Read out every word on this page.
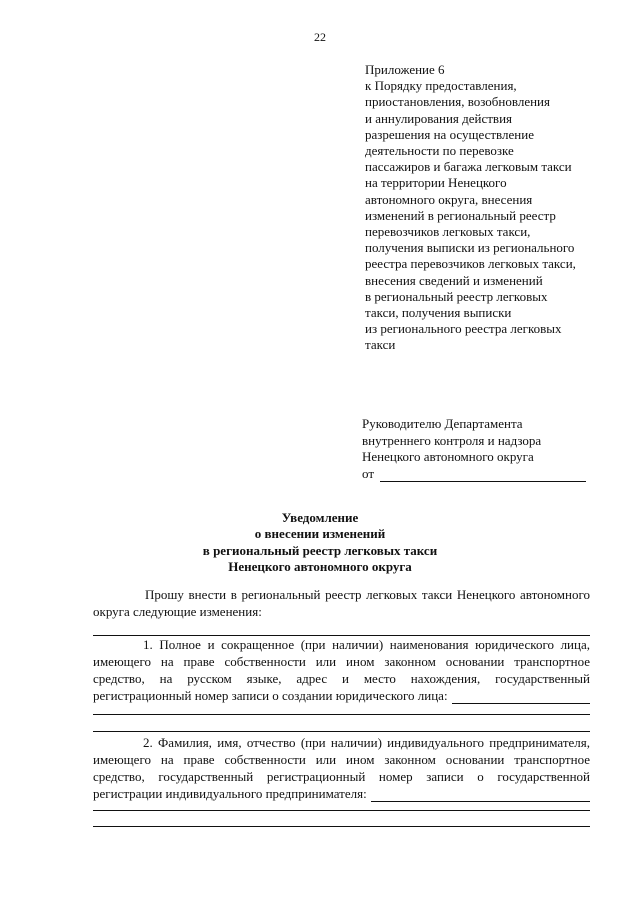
22
Приложение 6
к Порядку предоставления,
приостановления, возобновления
и аннулирования действия
разрешения на осуществление
деятельности по перевозке
пассажиров и багажа легковым такси
на территории Ненецкого
автономного округа, внесения
изменений в региональный реестр
перевозчиков легковых такси,
получения выписки из регионального
реестра перевозчиков легковых такси,
внесения сведений и изменений
в региональный реестр легковых
такси, получения выписки
из регионального реестра легковых
такси
Руководителю Департамента
внутреннего контроля и надзора
Ненецкого автономного округа
от
Уведомление
о внесении изменений
в региональный реестр легковых такси
Ненецкого автономного округа
Прошу внести в региональный реестр легковых такси Ненецкого автономного
округа следующие изменения:
1. Полное и сокращенное (при наличии) наименования юридического лица,
имеющего на праве собственности или ином законном основании транспортное
средство, на русском языке, адрес и место нахождения, государственный
регистрационный номер записи о создании юридического лица:
2. Фамилия, имя, отчество (при наличии) индивидуального предпринимателя,
имеющего на праве собственности или ином законном основании транспортное
средство, государственный регистрационный номер записи о государственной
регистрации индивидуального предпринимателя:
